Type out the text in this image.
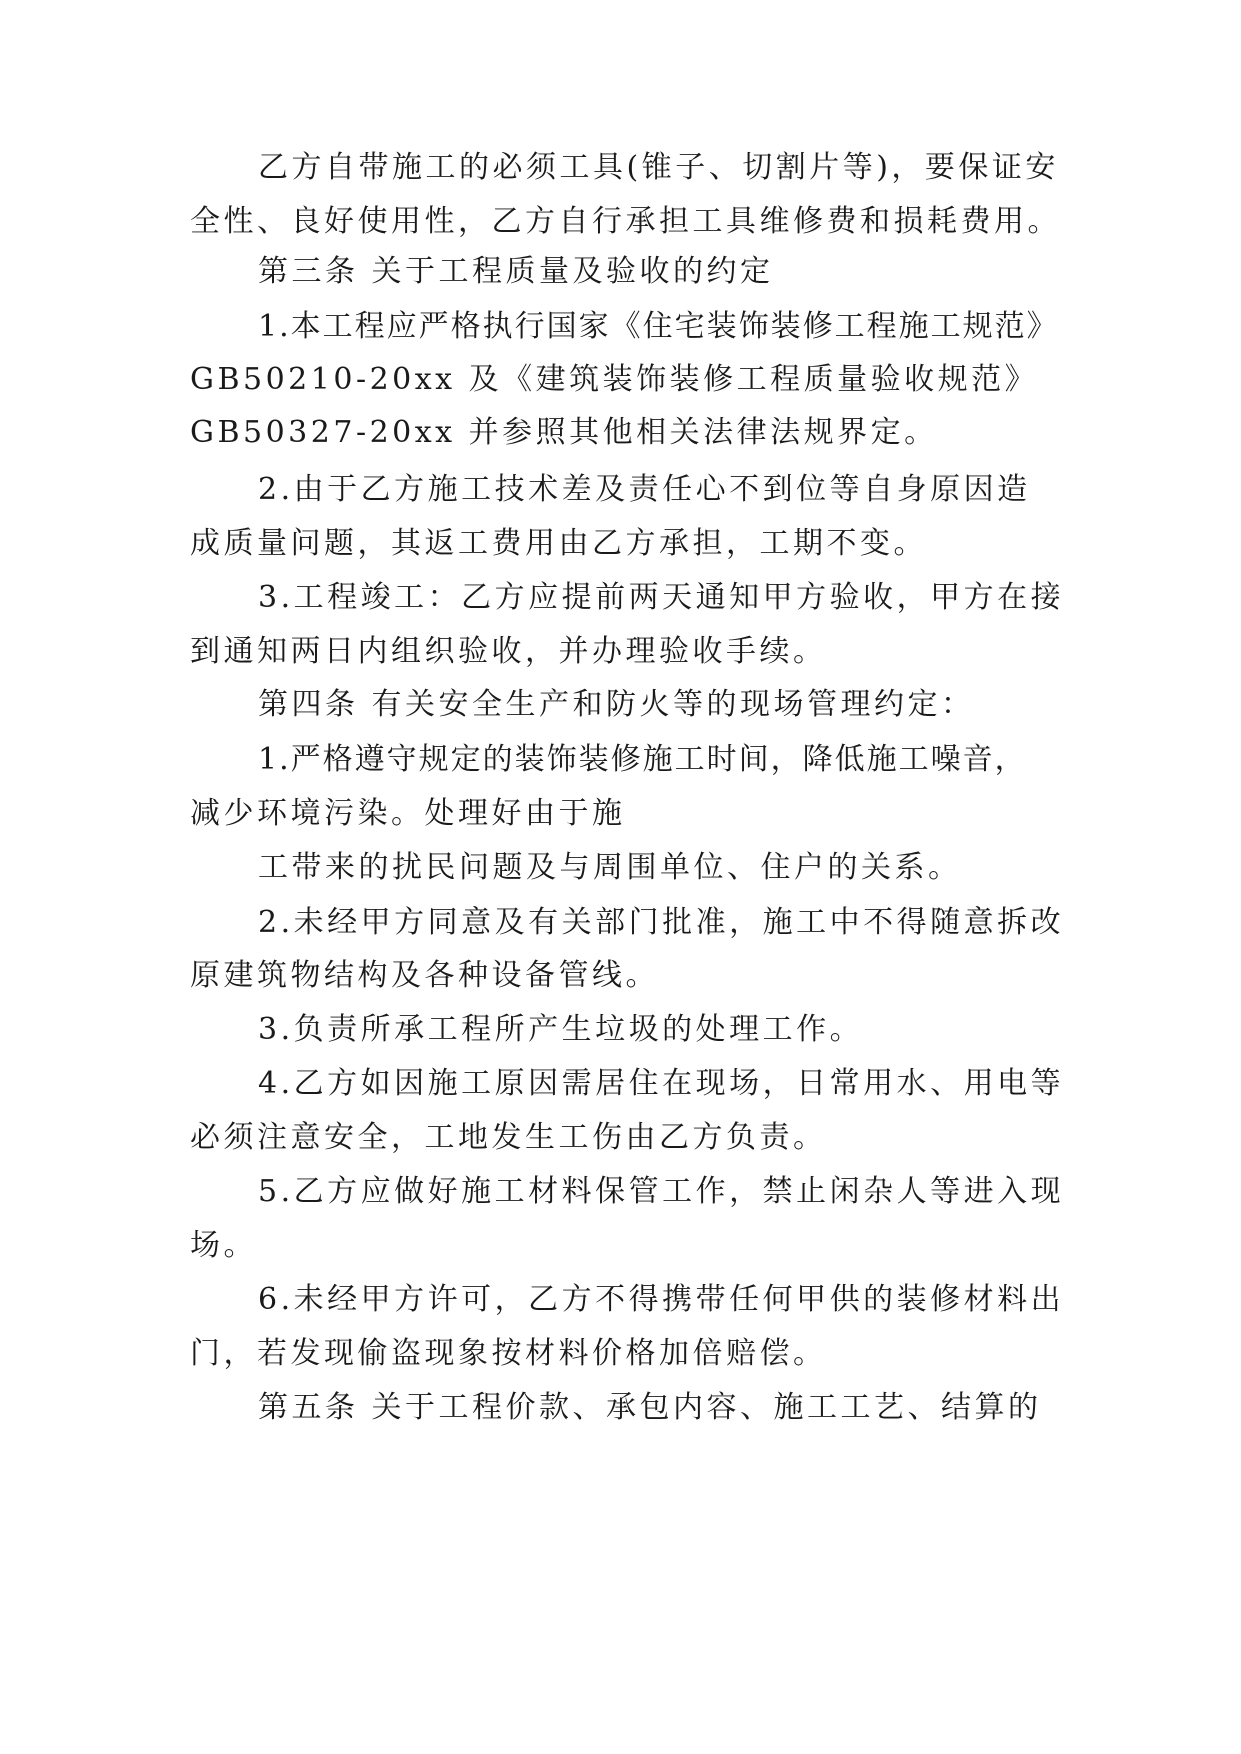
乙方自带施工的必须工具(锥子、切割片等)，要保证安
全性、良好使用性，乙方自行承担工具维修费和损耗费用。
第三条 关于工程质量及验收的约定
1.本工程应严格执行国家《住宅装饰装修工程施工规范》
GB50210-20xx 及《建筑装饰装修工程质量验收规范》
GB50327-20xx 并参照其他相关法律法规界定。
2.由于乙方施工技术差及责任心不到位等自身原因造
成质量问题，其返工费用由乙方承担，工期不变。
3.工程竣工：乙方应提前两天通知甲方验收，甲方在接
到通知两日内组织验收，并办理验收手续。
第四条 有关安全生产和防火等的现场管理约定：
1.严格遵守规定的装饰装修施工时间，降低施工噪音，
减少环境污染。处理好由于施
工带来的扰民问题及与周围单位、住户的关系。
2.未经甲方同意及有关部门批准，施工中不得随意拆改
原建筑物结构及各种设备管线。
3.负责所承工程所产生垃圾的处理工作。
4.乙方如因施工原因需居住在现场，日常用水、用电等
必须注意安全，工地发生工伤由乙方负责。
5.乙方应做好施工材料保管工作，禁止闲杂人等进入现
场。
6.未经甲方许可，乙方不得携带任何甲供的装修材料出
门，若发现偷盗现象按材料价格加倍赔偿。
第五条 关于工程价款、承包内容、施工工艺、结算的
